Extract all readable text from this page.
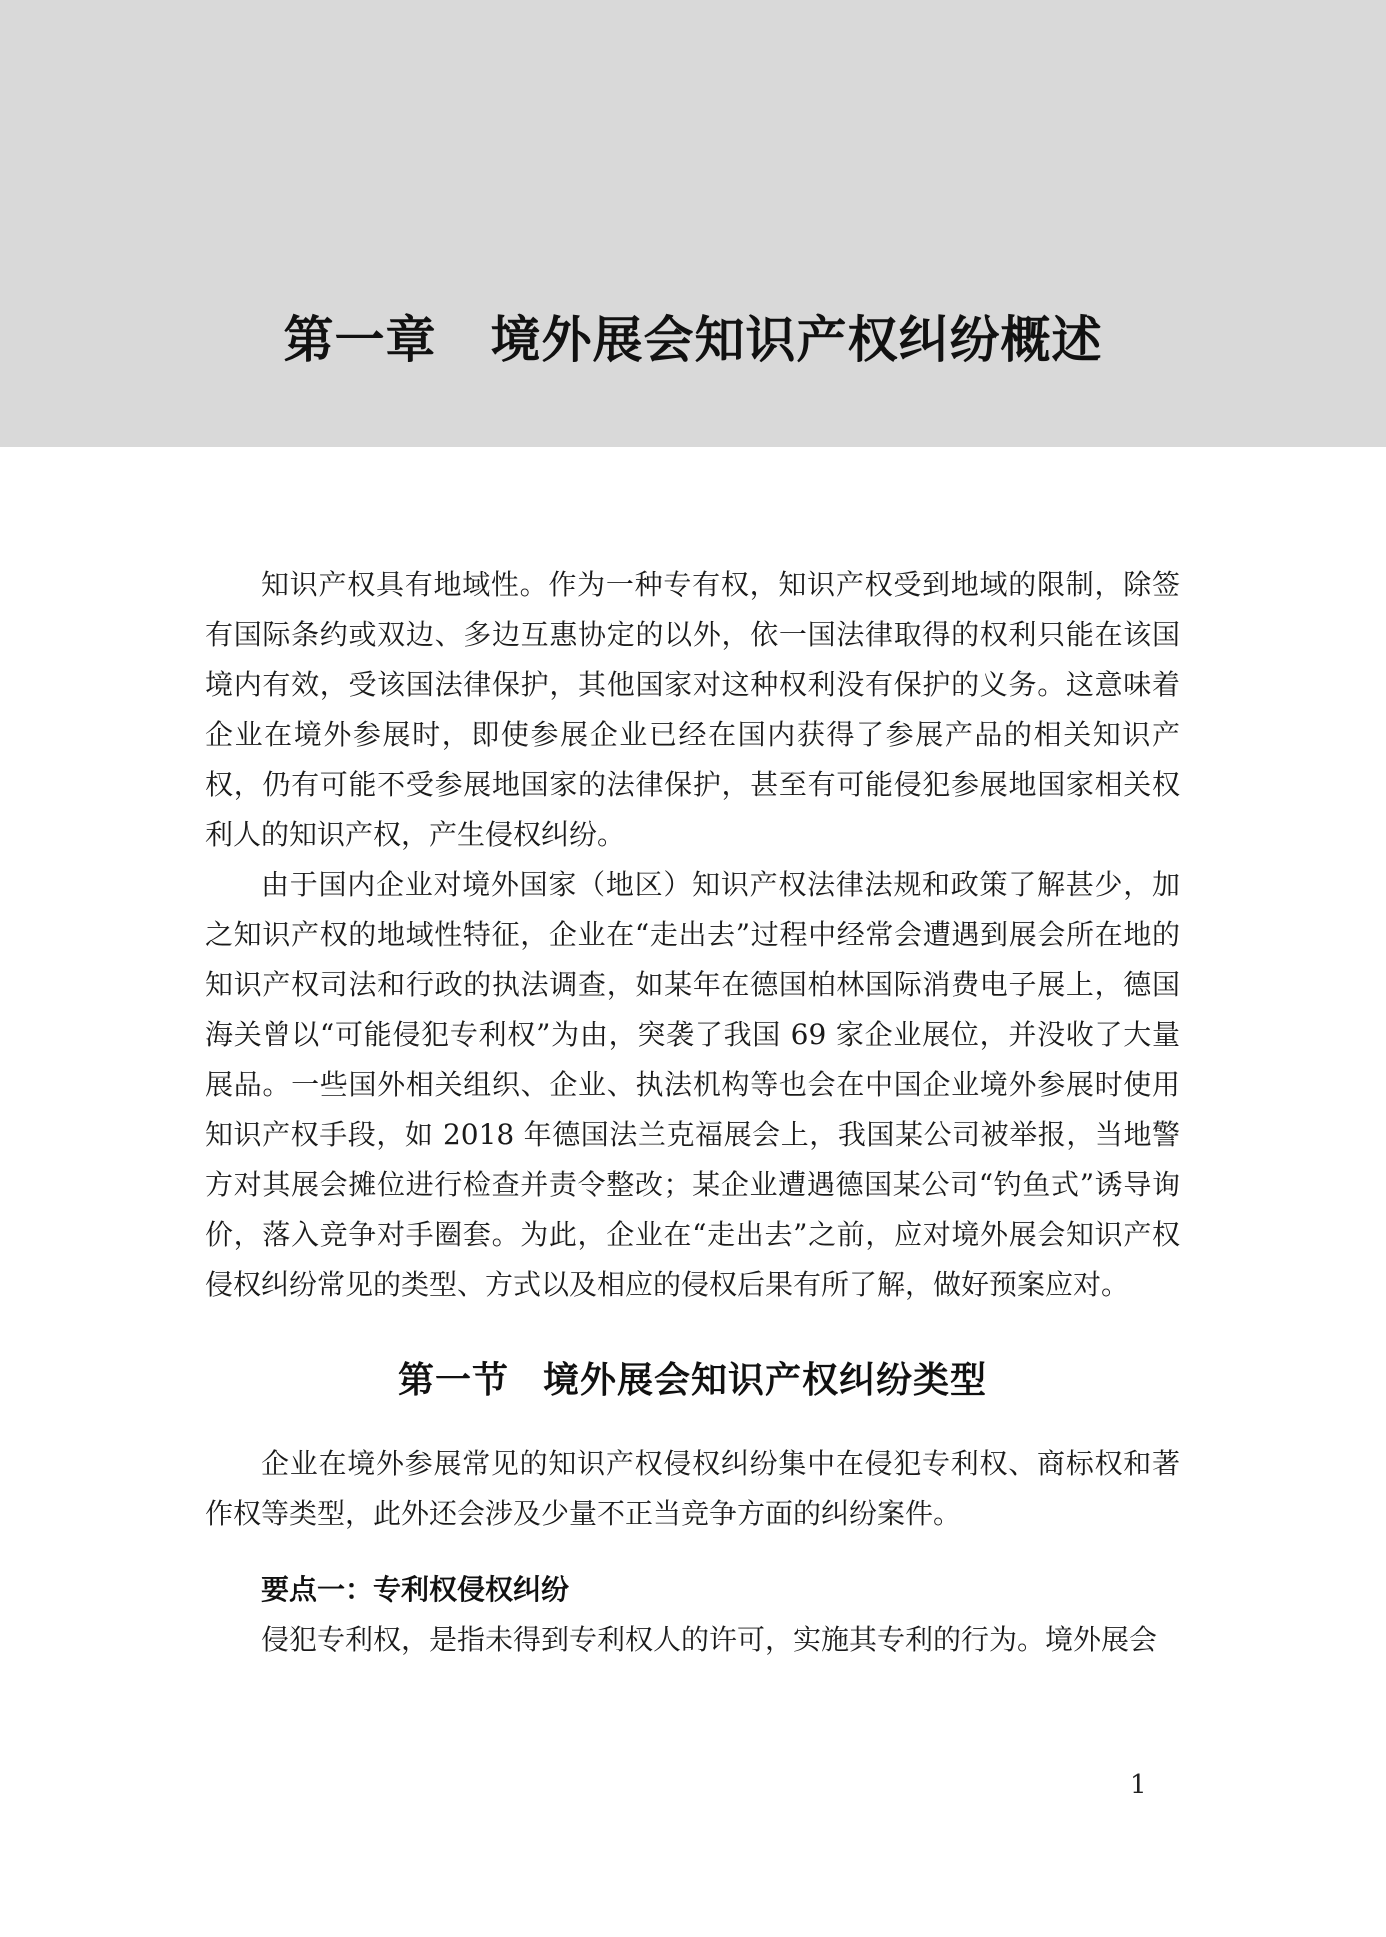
第一章 境外展会知识产权纠纷概述

知识产权具有地域性。作为一种专有权，知识产权受到地域的限制，除签有国际条约或双边、多边互惠协定的以外，依一国法律取得的权利只能在该国境内有效，受该国法律保护，其他国家对这种权利没有保护的义务。这意味着企业在境外参展时，即使参展企业已经在国内获得了参展产品的相关知识产权，仍有可能不受参展地国家的法律保护，甚至有可能侵犯参展地国家相关权利人的知识产权，产生侵权纠纷。

由于国内企业对境外国家（地区）知识产权法律法规和政策了解甚少，加之知识产权的地域性特征，企业在“走出去”过程中经常会遭遇到展会所在地的知识产权司法和行政的执法调查，如某年在德国柏林国际消费电子展上，德国海关曾以“可能侵犯专利权”为由，突袭了我国 69 家企业展位，并没收了大量展品。一些国外相关组织、企业、执法机构等也会在中国企业境外参展时使用知识产权手段，如 2018 年德国法兰克福展会上，我国某公司被举报，当地警方对其展会摊位进行检查并责令整改；某企业遭遇德国某公司“钓鱼式”诱导询价，落入竞争对手圈套。为此，企业在“走出去”之前，应对境外展会知识产权侵权纠纷常见的类型、方式以及相应的侵权后果有所了解，做好预案应对。

第一节 境外展会知识产权纠纷类型

企业在境外参展常见的知识产权侵权纠纷集中在侵犯专利权、商标权和著作权等类型，此外还会涉及少量不正当竞争方面的纠纷案件。

要点一：专利权侵权纠纷

侵犯专利权，是指未得到专利权人的许可，实施其专利的行为。境外展会

1
